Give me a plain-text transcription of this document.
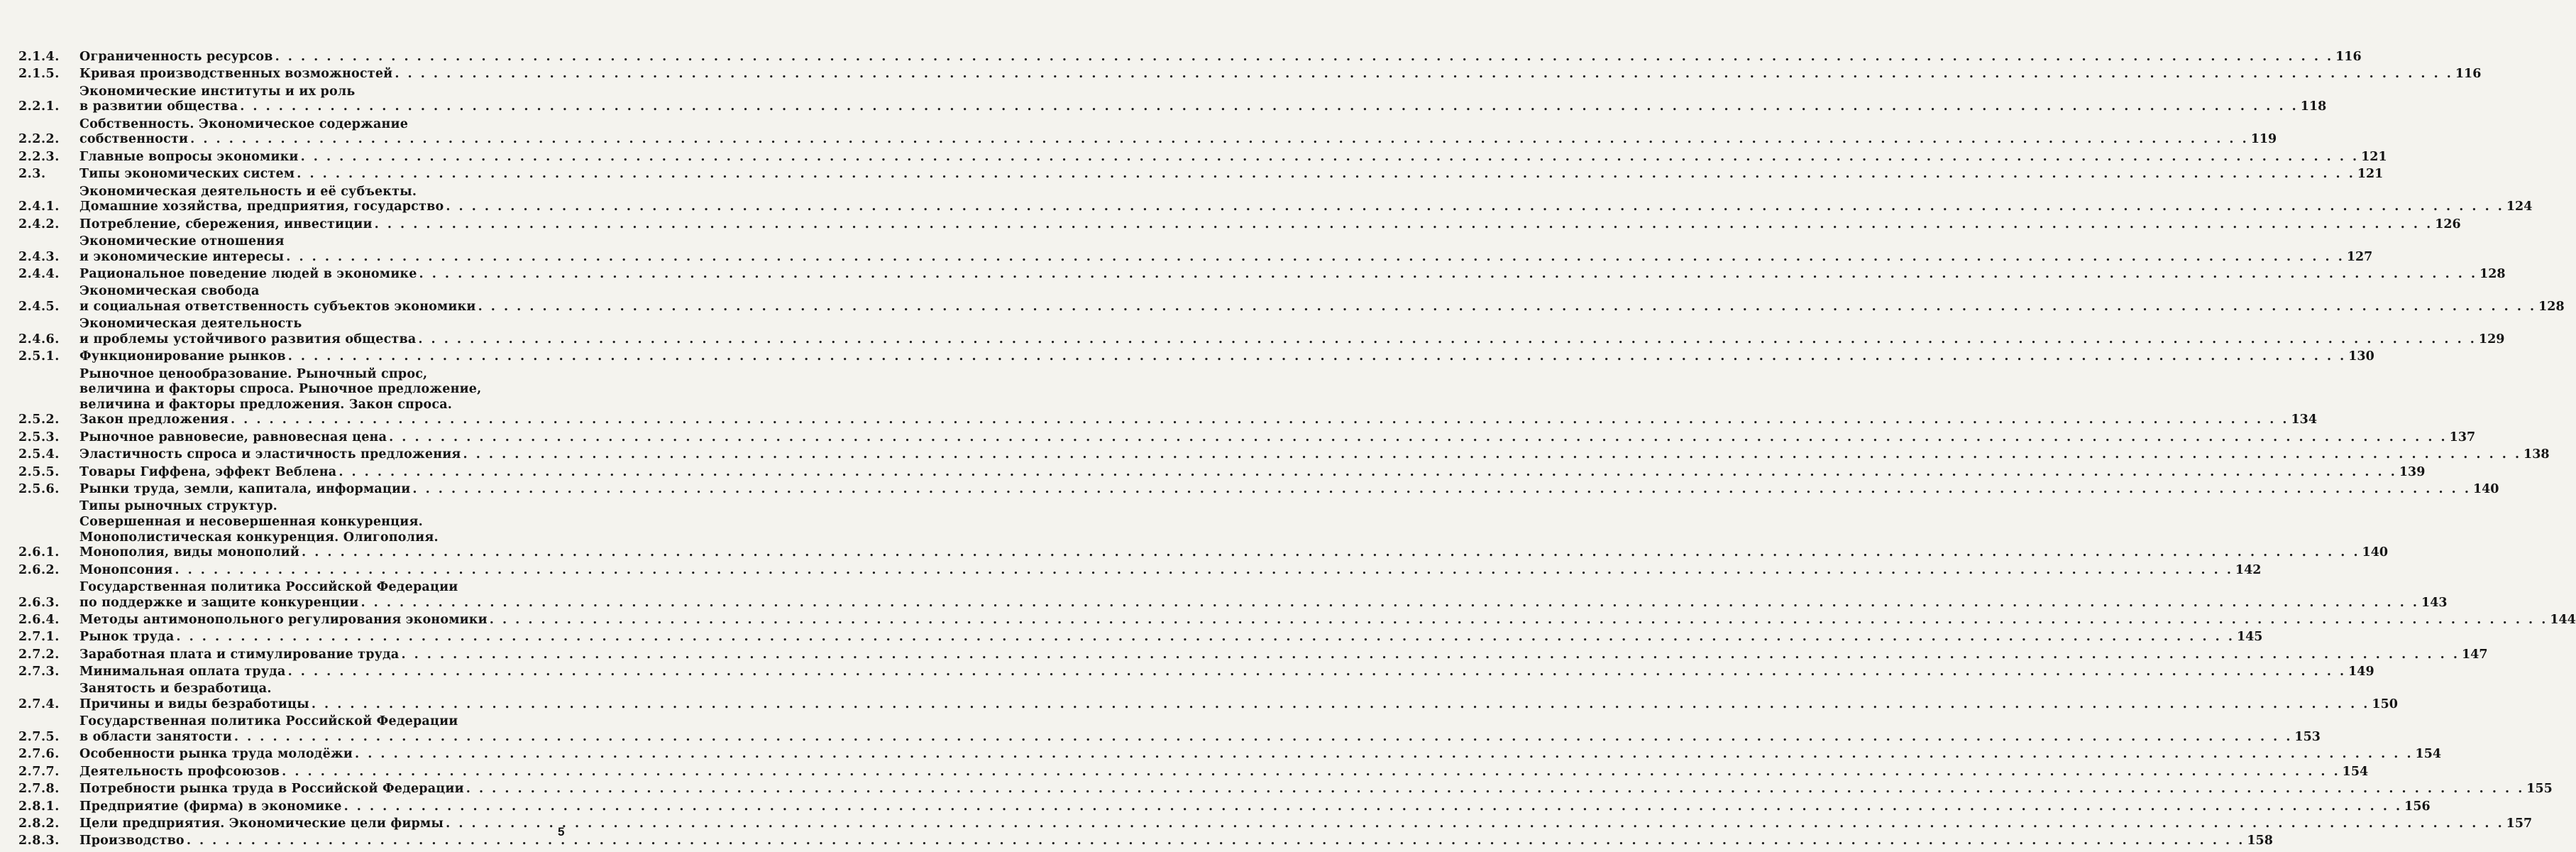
2.1.4.	Ограниченность ресурсов . . .	116
2.1.5.	Кривая производственных возможностей . . .	116
2.2.1.
Экономические институты и их роль
в развитии общества . . .	118
2.2.2.
Собственность. Экономическое содержание
собственности . . .	119
2.2.3.	Главные вопросы экономики . . .	121
2.3.	Типы экономических систем . . .	121
2.4.1.
Экономическая деятельность и её субъекты.
Домашние хозяйства, предприятия, государство . . .	124
2.4.2.	Потребление, сбережения, инвестиции . . .	126
2.4.3.
Экономические отношения
и экономические интересы . . .	127
2.4.4.	Рациональное поведение людей в экономике . . .	128
2.4.5.
Экономическая свобода
и социальная ответственность субъектов экономики . . .	128
2.4.6.
Экономическая деятельность
и проблемы устойчивого развития общества . . .	129
2.5.1.	Функционирование рынков . . .	130
2.5.2.
Рыночное ценообразование. Рыночный спрос,
величина и факторы спроса. Рыночное предложение,
величина и факторы предложения. Закон спроса.
Закон предложения . . .	134
2.5.3.	Рыночное равновесие, равновесная цена . . .	137
2.5.4.	Эластичность спроса и эластичность предложения . . .	138
2.5.5.	Товары Гиффена, эффект Веблена . . .	139
2.5.6.	Рынки труда, земли, капитала, информации . . .	140
2.6.1.
Типы рыночных структур.
Совершенная и несовершенная конкуренция.
Монополистическая конкуренция. Олигополия.
Монополия, виды монополий . . .	140
2.6.2.	Монопсония . . .	142
2.6.3.
Государственная политика Российской Федерации
по поддержке и защите конкуренции . . .	143
2.6.4.	Методы антимонопольного регулирования экономики . . .	144
2.7.1.	Рынок труда . . .	145
2.7.2.	Заработная плата и стимулирование труда . . .	147
2.7.3.	Минимальная оплата труда . . .	149
2.7.4.
Занятость и безработица.
Причины и виды безработицы . . .	150
2.7.5.
Государственная политика Российской Федерации
в области занятости . . .	153
2.7.6.	Особенности рынка труда молодёжи . . .	154
2.7.7.	Деятельность профсоюзов . . .	154
2.7.8.	Потребности рынка труда в Российской Федерации . . .	155
2.8.1.	Предприятие (фирма) в экономике . . .	156
2.8.2.	Цели предприятия. Экономические цели фирмы . . .	157
2.8.3.	Производство . . .	158
5
